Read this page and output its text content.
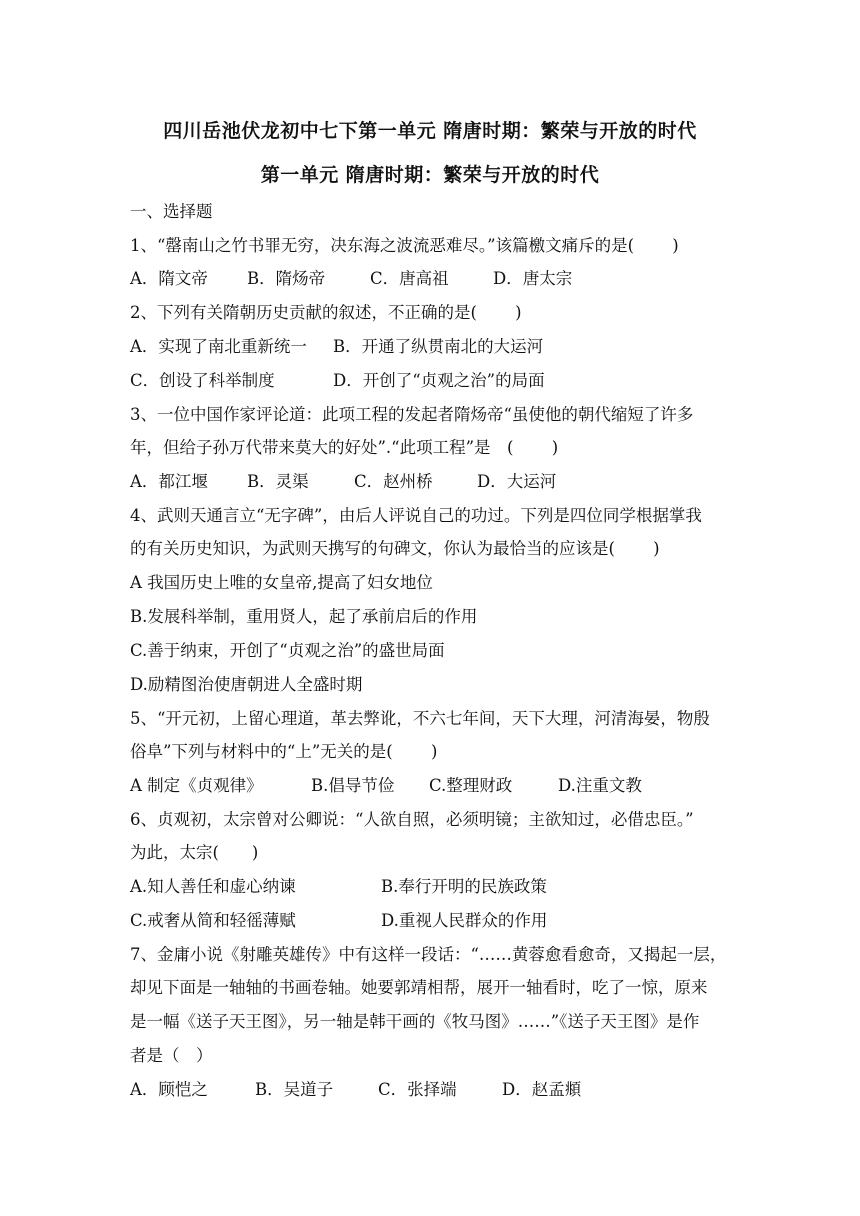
四川岳池伏龙初中七下第一单元 隋唐时期：繁荣与开放的时代
第一单元 隋唐时期：繁荣与开放的时代
一、选择题
1、“罄南山之竹书罪无穷，决东海之波流恶难尽。”该篇檄文痛斥的是(　　 )
A．隋文帝 B．隋炀帝	C．唐高祖	D．唐太宗
2、下列有关隋朝历史贡献的叙述，不正确的是(　　 )
A．实现了南北重新统一 B．开通了纵贯南北的大运河
C．创设了科举制度	D．开创了“贞观之治”的局面
3、一位中国作家评论道：此项工程的发起者隋炀帝“虽使他的朝代缩短了许多
年，但给子孙万代带来莫大的好处”.“此项工程”是　(　　 )
A．都江堰 B．灵渠	C．赵州桥	D．大运河
4、武则天通言立“无字碑”，由后人评说自己的功过。下列是四位同学根据掌我
的有关历史知识，为武则天携写的句碑文，你认为最恰当的应该是(　　 )
A 我国历史上唯的女皇帝,提高了妇女地位
B.发展科举制，重用贤人，起了承前启后的作用
C.善于纳束，开创了“贞观之治”的盛世局面
D.励精图治使唐朝进人全盛时期
5、“开元初，上留心理道，革去弊讹，不六七年间，天下大理，河清海晏，物殷
俗阜”下列与材料中的“上”无关的是(　　 )
A 制定《贞观律》	B.倡导节俭 C.整理财政	D.注重文教
6、贞观初，太宗曾对公卿说：“人欲自照，必须明镜；主欲知过，必借忠臣。”
为此，太宗(　　)
A.知人善任和虚心纳谏	B.奉行开明的民族政策
C.戒奢从简和轻徭薄赋	D.重视人民群众的作用
7、金庸小说《射雕英雄传》中有这样一段话：“……黄蓉愈看愈奇，又揭起一层，
却见下面是一轴轴的书画卷轴。她要郭靖相帮，展开一轴看时，吃了一惊，原来
是一幅《送子天王图》，另一轴是韩干画的《牧马图》……”《送子天王图》是作
者是（　）
A．顾恺之	B．吴道子	C．张择端	D．赵孟頫
